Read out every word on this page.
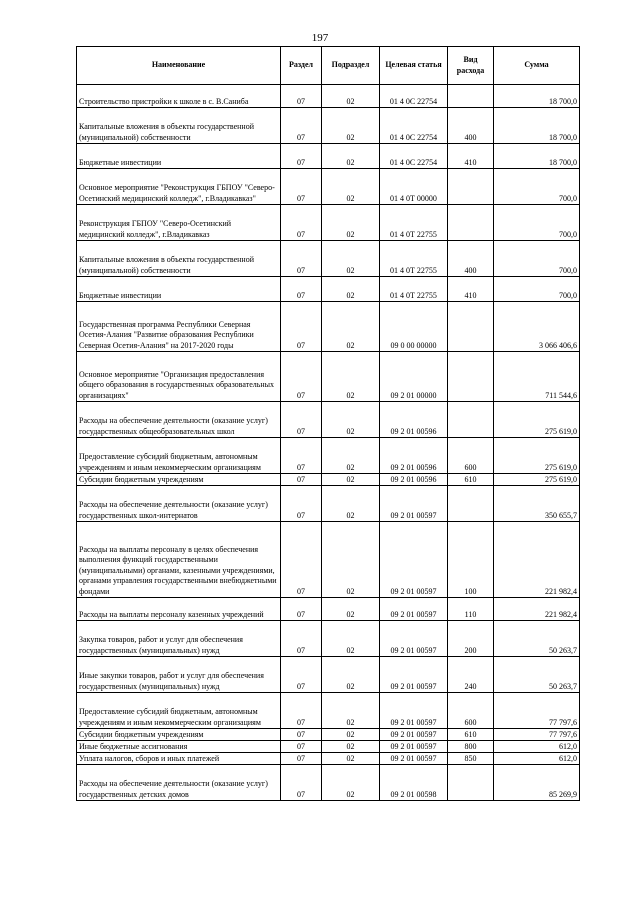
197
Наименование	Раздел	Подраздел	Целевая статья	Вид расхода	Сумма
Строительство пристройки к школе в с. В.Санибa	07	02	01 4 0С 22754		18 700,0
Капитальные вложения в объекты государственной (муниципальной) собственности	07	02	01 4 0С 22754	400	18 700,0
Бюджетные инвестиции	07	02	01 4 0С 22754	410	18 700,0
Основное мероприятие "Реконструкция ГБПОУ "Северо-Осетинский медицинский колледж", г.Владикавказ"	07	02	01 4 0Т 00000		700,0
Реконструкция ГБПОУ "Северо-Осетинский медицинский колледж", г.Владикавказ	07	02	01 4 0Т 22755		700,0
Капитальные вложения в объекты государственной (муниципальной) собственности	07	02	01 4 0Т 22755	400	700,0
Бюджетные инвестиции	07	02	01 4 0Т 22755	410	700,0
Государственная программа Республики Северная Осетия-Алания "Развитие образования Республики Северная Осетия-Алания" на 2017-2020 годы	07	02	09 0 00 00000		3 066 406,6
Основное мероприятие "Организация предоставления общего образования в государственных образовательных организациях"	07	02	09 2 01 00000		711 544,6
Расходы на обеспечение деятельности (оказание услуг) государственных общеобразовательных школ	07	02	09 2 01 00596		275 619,0
Предоставление субсидий бюджетным, автономным учреждениям и иным некоммерческим организациям	07	02	09 2 01 00596	600	275 619,0
Субсидии бюджетным учреждениям	07	02	09 2 01 00596	610	275 619,0
Расходы на обеспечение деятельности (оказание услуг) государственных школ-интернатов	07	02	09 2 01 00597		350 655,7
Расходы на выплаты персоналу в целях обеспечения выполнения функций государственными (муниципальными) органами, казенными учреждениями, органами управления государственными внебюджетными фондами	07	02	09 2 01 00597	100	221 982,4
Расходы на выплаты персоналу казенных учреждений	07	02	09 2 01 00597	110	221 982,4
Закупка товаров, работ и услуг для обеспечения государственных (муниципальных) нужд	07	02	09 2 01 00597	200	50 263,7
Иные закупки товаров, работ и услуг для обеспечения государственных (муниципальных) нужд	07	02	09 2 01 00597	240	50 263,7
Предоставление субсидий бюджетным, автономным учреждениям и иным некоммерческим организациям	07	02	09 2 01 00597	600	77 797,6
Субсидии бюджетным учреждениям	07	02	09 2 01 00597	610	77 797,6
Иные бюджетные ассигнования	07	02	09 2 01 00597	800	612,0
Уплата налогов, сборов и иных платежей	07	02	09 2 01 00597	850	612,0
Расходы на обеспечение деятельности (оказание услуг) государственных детских домов	07	02	09 2 01 00598		85 269,9
